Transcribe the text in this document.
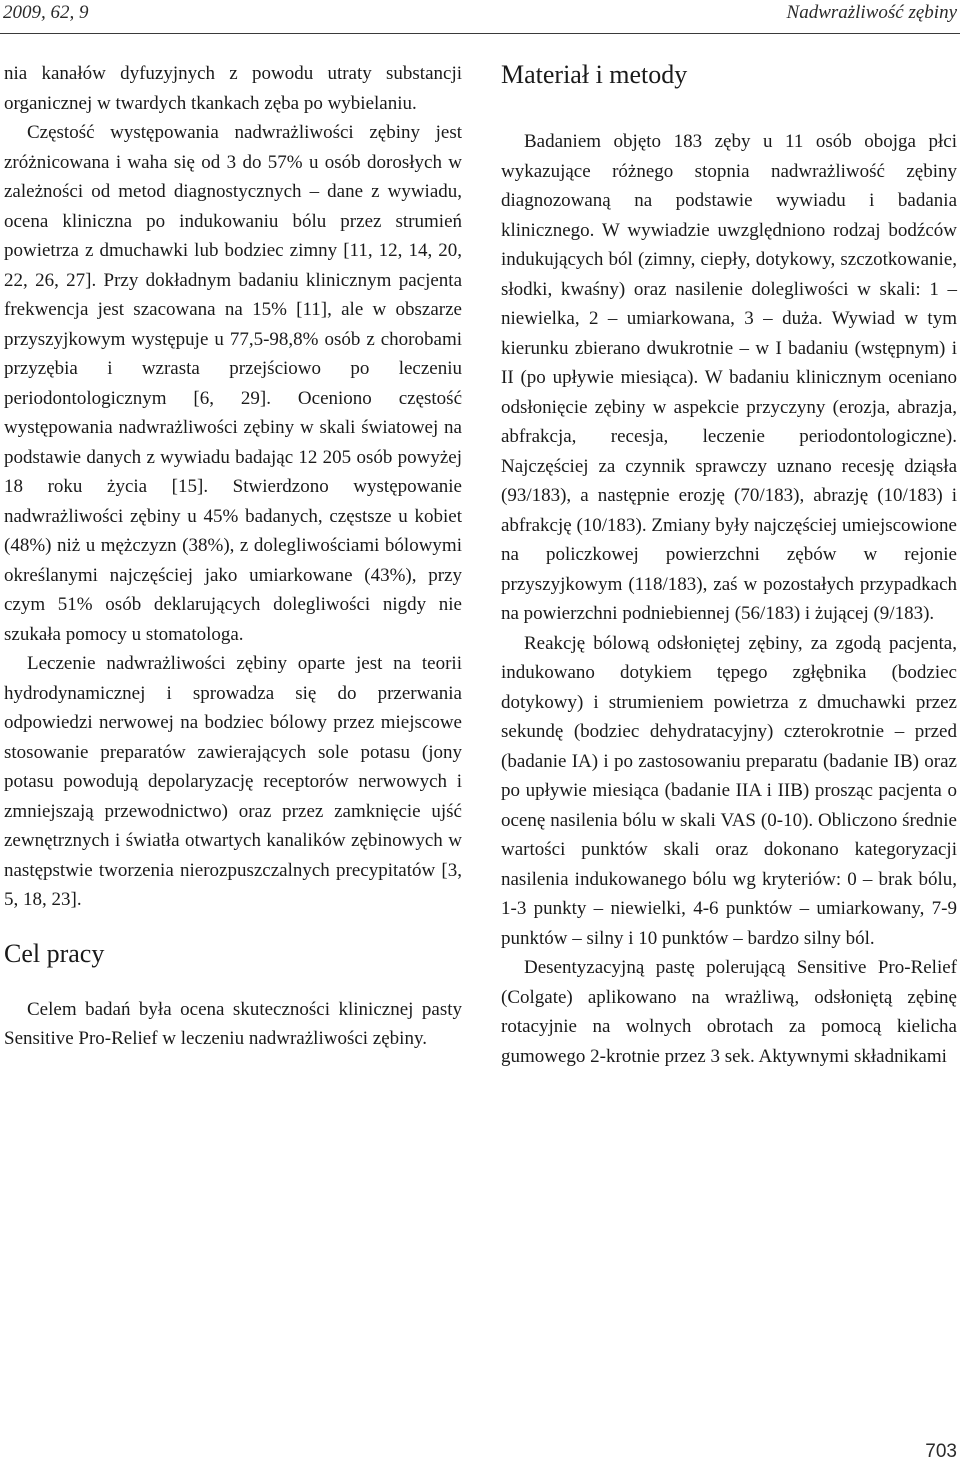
2009, 62, 9	Nadwrażliwość zębiny

nia kanałów dyfuzyjnych z powodu utraty substancji organicznej w twardych tkankach zęba po wybielaniu.

Częstość występowania nadwrażliwości zębiny jest zróżnicowana i waha się od 3 do 57% u osób dorosłych w zależności od metod diagnostycznych – dane z wywiadu, ocena kliniczna po indukowaniu bólu przez strumień powietrza z dmuchawki lub bodziec zimny [11, 12, 14, 20, 22, 26, 27]. Przy dokładnym badaniu klinicznym pacjenta frekwencja jest szacowana na 15% [11], ale w obszarze przyszyjkowym występuje u 77,5-98,8% osób z chorobami przyzębia i wzrasta przejściowo po leczeniu periodontologicznym [6, 29]. Oceniono częstość występowania nadwrażliwości zębiny w skali światowej na podstawie danych z wywiadu badając 12 205 osób powyżej 18 roku życia [15]. Stwierdzono występowanie nadwrażliwości zębiny u 45% badanych, częstsze u kobiet (48%) niż u mężczyzn (38%), z dolegliwościami bólowymi określanymi najczęściej jako umiarkowane (43%), przy czym 51% osób deklarujących dolegliwości nigdy nie szukała pomocy u stomatologa.

Leczenie nadwrażliwości zębiny oparte jest na teorii hydrodynamicznej i sprowadza się do przerwania odpowiedzi nerwowej na bodziec bólowy przez miejscowe stosowanie preparatów zawierających sole potasu (jony potasu powodują depolaryzację receptorów nerwowych i zmniejszają przewodnictwo) oraz przez zamknięcie ujść zewnętrznych i światła otwartych kanalików zębinowych w następstwie tworzenia nierozpuszczalnych precypitatów [3, 5, 18, 23].

Cel pracy

Celem badań była ocena skuteczności klinicznej pasty Sensitive Pro-Relief w leczeniu nadwrażliwości zębiny.

Materiał i metody

Badaniem objęto 183 zęby u 11 osób obojga płci wykazujące różnego stopnia nadwrażliwość zębiny diagnozowaną na podstawie wywiadu i badania klinicznego. W wywiadzie uwzględniono rodzaj bodźców indukujących ból (zimny, ciepły, dotykowy, szczotkowanie, słodki, kwaśny) oraz nasilenie dolegliwości w skali: 1 – niewielka, 2 – umiarkowana, 3 – duża. Wywiad w tym kierunku zbierano dwukrotnie – w I badaniu (wstępnym) i II (po upływie miesiąca). W badaniu klinicznym oceniano odsłonięcie zębiny w aspekcie przyczyny (erozja, abrazja, abfrakcja, recesja, leczenie periodontologiczne). Najczęściej za czynnik sprawczy uznano recesję dziąsła (93/183), a następnie erozję (70/183), abrazję (10/183) i abfrakcję (10/183). Zmiany były najczęściej umiejscowione na policzkowej powierzchni zębów w rejonie przyszyjkowym (118/183), zaś w pozostałych przypadkach na powierzchni podniebiennej (56/183) i żującej (9/183).

Reakcję bólową odsłoniętej zębiny, za zgodą pacjenta, indukowano dotykiem tępego zgłębnika (bodziec dotykowy) i strumieniem powietrza z dmuchawki przez sekundę (bodziec dehydratacyjny) czterokrotnie – przed (badanie IA) i po zastosowaniu preparatu (badanie IB) oraz po upływie miesiąca (badanie IIA i IIB) prosząc pacjenta o ocenę nasilenia bólu w skali VAS (0-10). Obliczono średnie wartości punktów skali oraz dokonano kategoryzacji nasilenia indukowanego bólu wg kryteriów: 0 – brak bólu, 1-3 punkty – niewielki, 4-6 punktów – umiarkowany, 7-9 punktów – silny i 10 punktów – bardzo silny ból.

Desentyzacyjną pastę polerującą Sensitive Pro-Relief (Colgate) aplikowano na wrażliwą, odsłoniętą zębinę rotacyjnie na wolnych obrotach za pomocą kielicha gumowego 2-krotnie przez 3 sek. Aktywnymi składnikami

703
